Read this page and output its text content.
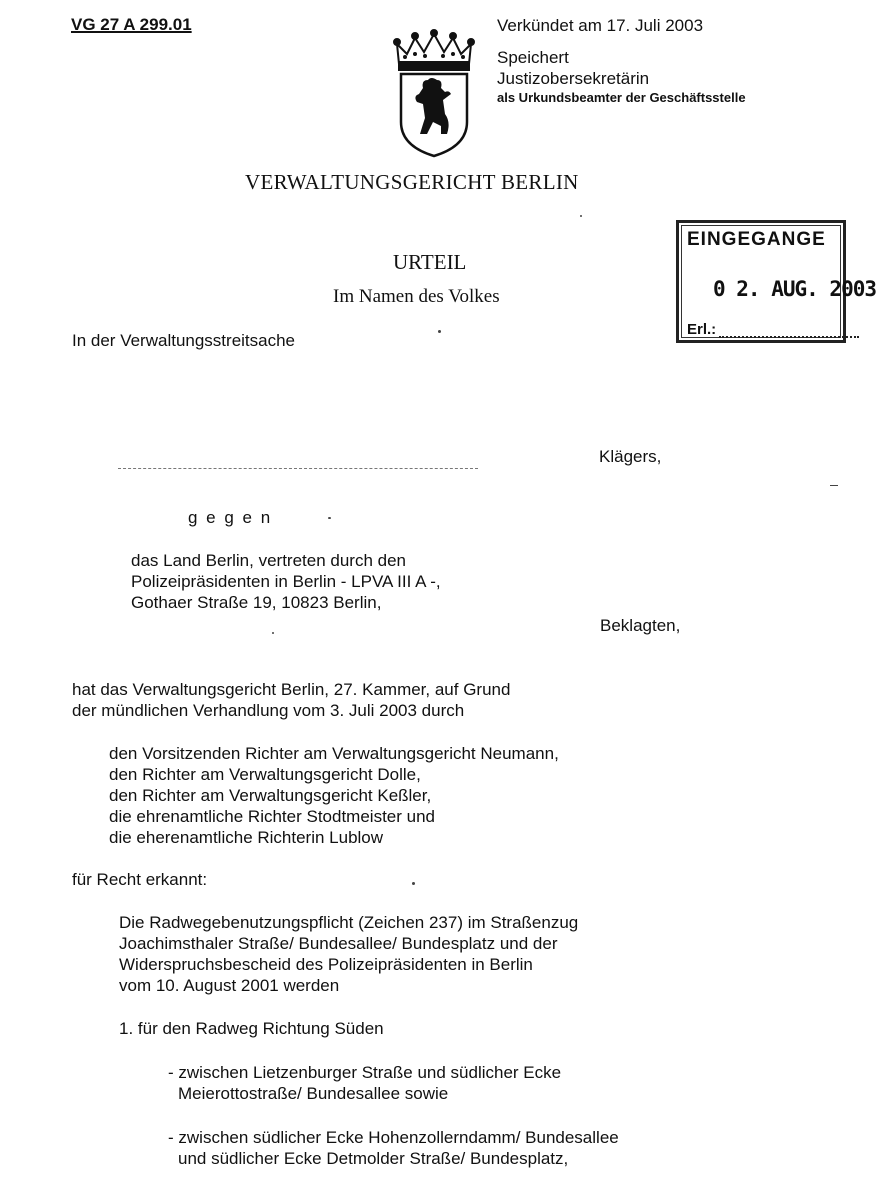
VG 27 A 299.01	Verkündet am 17. Juli 2003
Speichert
Justizobersekretärin
als Urkundsbeamter der Geschäftsstelle
VERWALTUNGSGERICHT BERLIN
URTEIL
Im Namen des Volkes
EINGEGANGE
0 2. AUG. 2003
Erl.:
In der Verwaltungsstreitsache
Klägers,
g e g e n
das Land Berlin, vertreten durch den
Polizeipräsidenten in Berlin - LPVA III A -,
Gothaer Straße 19, 10823 Berlin,
Beklagten,
hat das Verwaltungsgericht Berlin, 27. Kammer, auf Grund
der mündlichen Verhandlung vom 3. Juli 2003 durch
den Vorsitzenden Richter am Verwaltungsgericht Neumann,
den Richter am Verwaltungsgericht Dolle,
den Richter am Verwaltungsgericht Keßler,
die ehrenamtliche Richter Stodtmeister und
die eherenamtliche Richterin Lublow
für Recht erkannt:
Die Radwegebenutzungspflicht (Zeichen 237) im Straßenzug
Joachimsthaler Straße/ Bundesallee/ Bundesplatz und der
Widerspruchsbescheid des Polizeipräsidenten in Berlin
vom 10. August 2001 werden
1. für den Radweg Richtung Süden
- zwischen Lietzenburger Straße und südlicher Ecke
Meierottostraße/ Bundesallee sowie
- zwischen südlicher Ecke Hohenzollerndamm/ Bundesallee
und südlicher Ecke Detmolder Straße/ Bundesplatz,
